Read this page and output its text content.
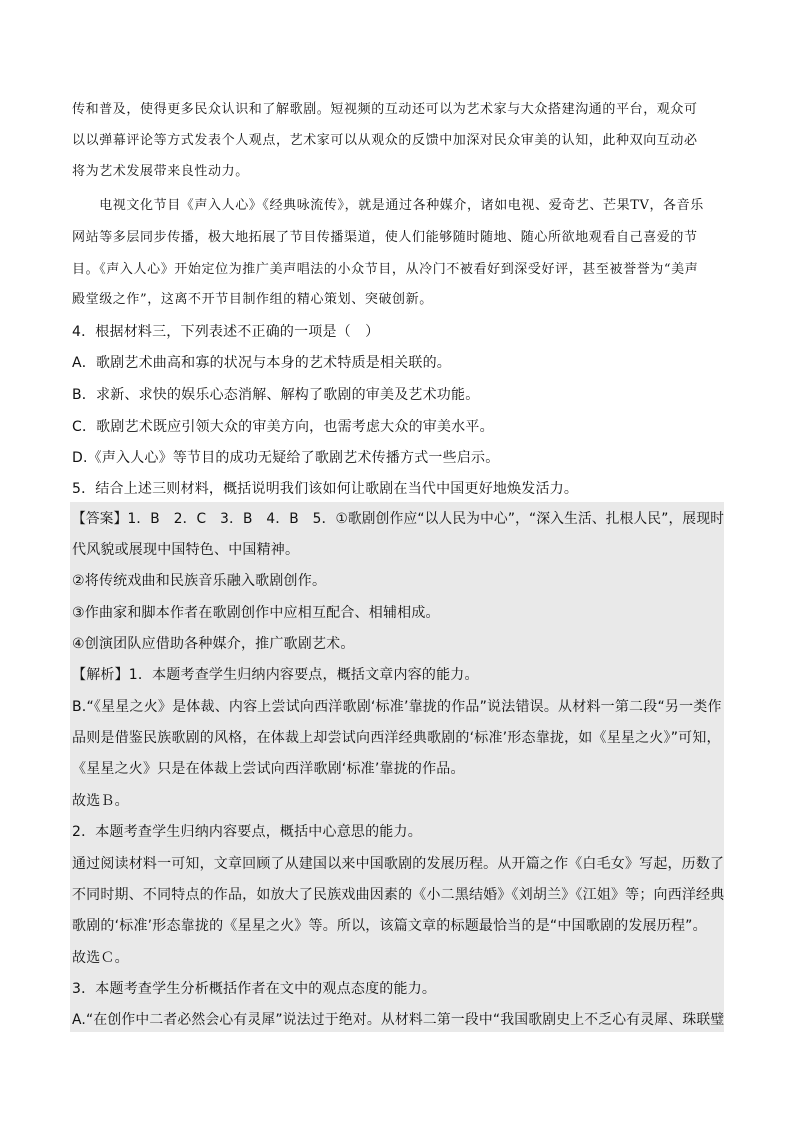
传和普及，使得更多民众认识和了解歌剧。短视频的互动还可以为艺术家与大众搭建沟通的平台，观众可
以以弹幕评论等方式发表个人观点，艺术家可以从观众的反馈中加深对民众审美的认知，此种双向互动必
将为艺术发展带来良性动力。
　　电视文化节目《声入人心》《经典咏流传》，就是通过各种媒介，诸如电视、爱奇艺、芒果TV，各音乐
网站等多层同步传播，极大地拓展了节目传播渠道，使人们能够随时随地、随心所欲地观看自己喜爱的节
目。《声入人心》开始定位为推广美声唱法的小众节目，从冷门不被看好到深受好评，甚至被誉誉为“美声
殿堂级之作”，这离不开节目制作组的精心策划、突破创新。
4．根据材料三，下列表述不正确的一项是（　）
A．歌剧艺术曲高和寡的状况与本身的艺术特质是相关联的。
B．求新、求快的娱乐心态消解、解构了歌剧的审美及艺术功能。
C．歌剧艺术既应引领大众的审美方向，也需考虑大众的审美水平。
D.《声入人心》等节目的成功无疑给了歌剧艺术传播方式一些启示。
5．结合上述三则材料，概括说明我们该如何让歌剧在当代中国更好地焕发活力。
【答案】1．B　2．C　3．B　4．B　5．①歌剧创作应“以人民为中心”，“深入生活、扎根人民”，展现时
代风貌或展现中国特色、中国精神。
②将传统戏曲和民族音乐融入歌剧创作。
③作曲家和脚本作者在歌剧创作中应相互配合、相辅相成。
④创演团队应借助各种媒介，推广歌剧艺术。
【解析】1．本题考查学生归纳内容要点，概括文章内容的能力。
B.“《星星之火》是体裁、内容上尝试向西洋歌剧‘标准’靠拢的作品”说法错误。从材料一第二段“另一类作
品则是借鉴民族歌剧的风格，在体裁上却尝试向西洋经典歌剧的‘标准’形态靠拢，如《星星之火》”可知，
《星星之火》只是在体裁上尝试向西洋歌剧‘标准’靠拢的作品。
故选Ｂ。
2．本题考查学生归纳内容要点，概括中心意思的能力。
通过阅读材料一可知，文章回顾了从建国以来中国歌剧的发展历程。从开篇之作《白毛女》写起，历数了
不同时期、不同特点的作品，如放大了民族戏曲因素的《小二黑结婚》《刘胡兰》《江姐》等；向西洋经典
歌剧的‘标准’形态靠拢的《星星之火》等。所以，该篇文章的标题最恰当的是“中国歌剧的发展历程”。
故选Ｃ。
3．本题考查学生分析概括作者在文中的观点态度的能力。
A.“在创作中二者必然会心有灵犀”说法过于绝对。从材料二第一段中“我国歌剧史上不乏心有灵犀、珠联璧
